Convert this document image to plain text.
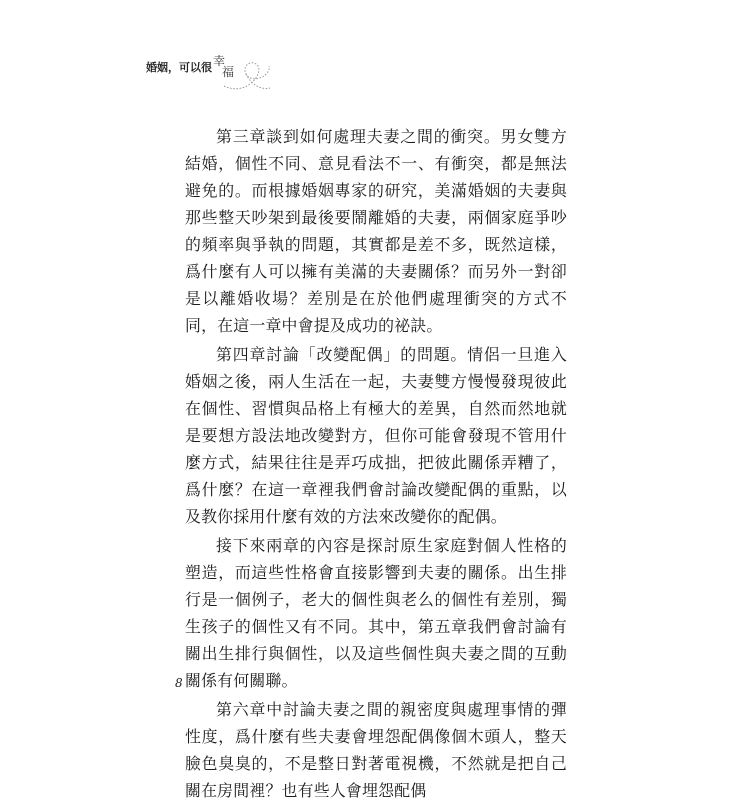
婚姻，可以很 幸
福

第三章談到如何處理夫妻之間的衝突。男女雙方結婚，個性不同、意見看法不一、有衝突，都是無法避免的。而根據婚姻專家的研究，美滿婚姻的夫妻與那些整天吵架到最後要鬧離婚的夫妻，兩個家庭爭吵的頻率與爭執的問題，其實都是差不多，既然這樣，爲什麼有人可以擁有美滿的夫妻關係？而另外一對卻是以離婚收場？差別是在於他們處理衝突的方式不同，在這一章中會提及成功的祕訣。

第四章討論「改變配偶」的問題。情侶一旦進入婚姻之後，兩人生活在一起，夫妻雙方慢慢發現彼此在個性、習慣與品格上有極大的差異，自然而然地就是要想方設法地改變對方，但你可能會發現不管用什麼方式，結果往往是弄巧成拙，把彼此關係弄糟了，爲什麼？在這一章裡我們會討論改變配偶的重點，以及教你採用什麼有效的方法來改變你的配偶。

接下來兩章的內容是探討原生家庭對個人性格的塑造，而這些性格會直接影響到夫妻的關係。出生排行是一個例子，老大的個性與老么的個性有差別，獨生孩子的個性又有不同。其中，第五章我們會討論有關出生排行與個性，以及這些個性與夫妻之間的互動關係有何關聯。

第六章中討論夫妻之間的親密度與處理事情的彈性度，爲什麼有些夫妻會埋怨配偶像個木頭人，整天臉色臭臭的，不是整日對著電視機，不然就是把自己關在房間裡？也有些人會埋怨配偶

8
